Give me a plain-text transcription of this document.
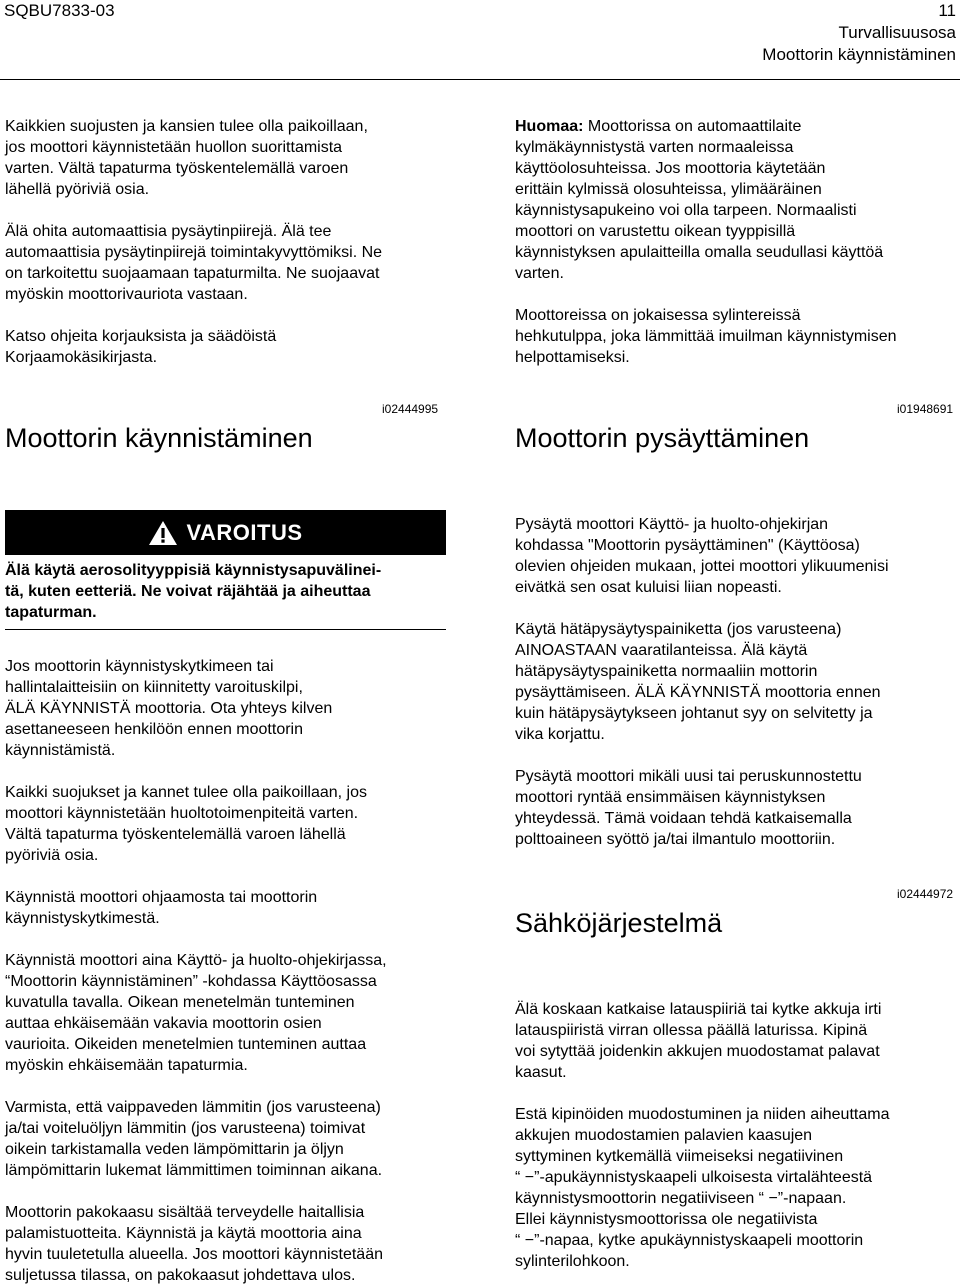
SQBU7833-03	11
Turvallisuusosa
Moottorin käynnistäminen

Kaikkien suojusten ja kansien tulee olla paikoillaan,
jos moottori käynnistetään huollon suorittamista
varten. Vältä tapaturma työskentelemällä varoen
lähellä pyöriviä osia.

Älä ohita automaattisia pysäytinpiirejä. Älä tee
automaattisia pysäytinpiirejä toimintakyvyttömiksi. Ne
on tarkoitettu suojaamaan tapaturmilta. Ne suojaavat
myöskin moottorivauriota vastaan.

Katso ohjeita korjauksista ja säädöistä
Korjaamokäsikirjasta.

Huomaa: Moottorissa on automaattilaite
kylmäkäynnistystä varten normaaleissa
käyttöolosuhteissa. Jos moottoria käytetään
erittäin kylmissä olosuhteissa, ylimääräinen
käynnistysapukeino voi olla tarpeen. Normaalisti
moottori on varustettu oikean tyyppisillä
käynnistyksen apulaitteilla omalla seudullasi käyttöä
varten.

Moottoreissa on jokaisessa sylintereissä
hehkutulppa, joka lämmittää imuilman käynnistymisen
helpottamiseksi.

Moottorin käynnistäminen
i02444995
VAROITUS
Älä käytä aerosolityyppisiä käynnistysapuvälinei-
tä, kuten eetteriä. Ne voivat räjähtää ja aiheuttaa
tapaturman.

Jos moottorin käynnistyskytkimeen tai
hallintalaitteisiin on kiinnitetty varoituskilpi,
ÄLÄ KÄYNNISTÄ moottoria. Ota yhteys kilven
asettaneeseen henkilöön ennen moottorin
käynnistämistä.

Kaikki suojukset ja kannet tulee olla paikoillaan, jos
moottori käynnistetään huoltotoimenpiteitä varten.
Vältä tapaturma työskentelemällä varoen lähellä
pyöriviä osia.

Käynnistä moottori ohjaamosta tai moottorin
käynnistyskytkimestä.

Käynnistä moottori aina Käyttö- ja huolto-ohjekirjassa,
“Moottorin käynnistäminen” -kohdassa Käyttöosassa
kuvatulla tavalla. Oikean menetelmän tunteminen
auttaa ehkäisemään vakavia moottorin osien
vaurioita. Oikeiden menetelmien tunteminen auttaa
myöskin ehkäisemään tapaturmia.

Varmista, että vaippaveden lämmitin (jos varusteena)
ja/tai voiteluöljyn lämmitin (jos varusteena) toimivat
oikein tarkistamalla veden lämpömittarin ja öljyn
lämpömittarin lukemat lämmittimen toiminnan aikana.

Moottorin pakokaasu sisältää terveydelle haitallisia
palamistuotteita. Käynnistä ja käytä moottoria aina
hyvin tuuletetulla alueella. Jos moottori käynnistetään
suljetussa tilassa, on pakokaasut johdettava ulos.

Moottorin pysäyttäminen
i01948691

Pysäytä moottori Käyttö- ja huolto-ohjekirjan
kohdassa "Moottorin pysäyttäminen" (Käyttöosa)
olevien ohjeiden mukaan, jottei moottori ylikuumenisi
eivätkä sen osat kuluisi liian nopeasti.

Käytä hätäpysäytyspainiketta (jos varusteena)
AINOASTAAN vaaratilanteissa. Älä käytä
hätäpysäytyspainiketta normaaliin mottorin
pysäyttämiseen. ÄLÄ KÄYNNISTÄ moottoria ennen
kuin hätäpysäytykseen johtanut syy on selvitetty ja
vika korjattu.

Pysäytä moottori mikäli uusi tai peruskunnostettu
moottori ryntää ensimmäisen käynnistyksen
yhteydessä. Tämä voidaan tehdä katkaisemalla
polttoaineen syöttö ja/tai ilmantulo moottoriin.

Sähköjärjestelmä
i02444972

Älä koskaan katkaise latauspiiriä tai kytke akkuja irti
latauspiiristä virran ollessa päällä laturissa. Kipinä
voi sytyttää joidenkin akkujen muodostamat palavat
kaasut.

Estä kipinöiden muodostuminen ja niiden aiheuttama
akkujen muodostamien palavien kaasujen
syttyminen kytkemällä viimeiseksi negatiivinen
“ −”-apukäynnistyskaapeli ulkoisesta virtalähteestä
käynnistysmoottorin negatiiviseen “ −”-napaan.
Ellei käynnistysmoottorissa ole negatiivista
“ −”-napaa, kytke apukäynnistyskaapeli moottorin
sylinterilohkoon.
